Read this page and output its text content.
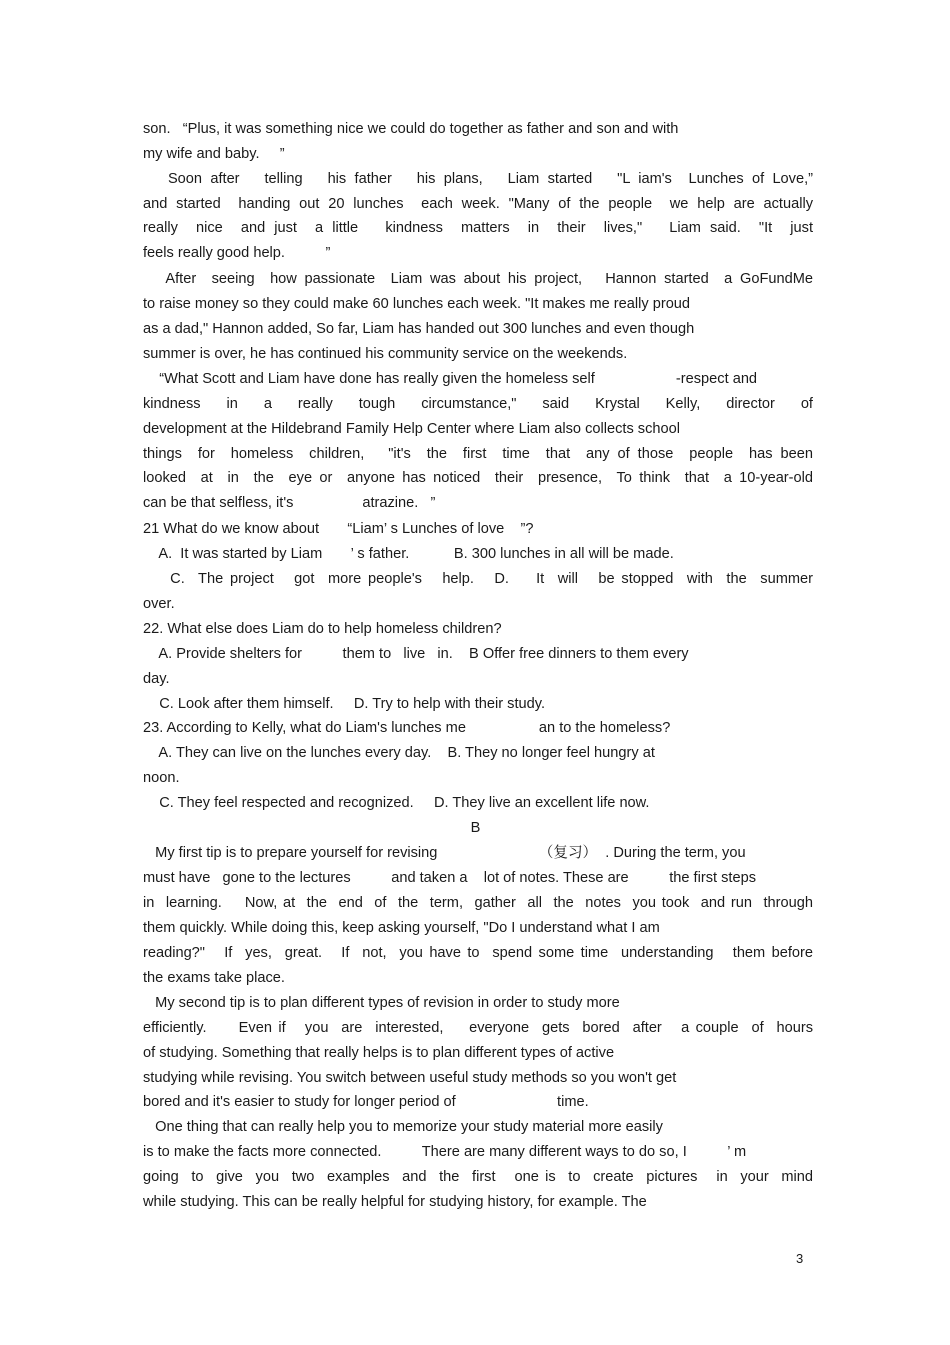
son.   “Plus, it was something nice we could do together as father and son and with
my wife and baby.     ”
Soon after   telling   his father   his plans,   Liam started   "L iam's  Lunches of Love,”
and started  handing out 20 lunches  each week. "Many of the people  we help are actually
really  nice  and just  a little   kindness  matters  in  their  lives,"   Liam said.  "It  just
feels really good help.          ”
After  seeing  how passionate  Liam was about his project,   Hannon started  a GoFundMe
to raise money so they could make 60 lunches each week. "It makes me really proud
as a dad," Hannon added, So far, Liam has handed out 300 lunches and even though
summer is over, he has continued his community service on the weekends.
“What Scott and Liam have done has really given the homeless self                    -respect and
kindness  in  a  really  tough  circumstance,"  said  Krystal  Kelly,  director  of
development at the Hildebrand Family Help Center where Liam also collects school
things  for  homeless  children,   "it's  the  first  time  that  any of those  people  has been
looked  at  in  the  eye or  anyone has noticed  their  presence,  To think  that  a 10-year-old
can be that selfless, it's                 atrazine.   ”
21 What do we know about       “Liam’ s Lunches of love    ”?
A.  It was started by Liam       ’ s father.           B. 300 lunches in all will be made.
C.  The project   got  more people's   help.   D.    It  will   be stopped  with  the  summer
over.
22. What else does Liam do to help homeless children?
A. Provide shelters for          them to   live   in.    B Offer free dinners to them every
day.
C. Look after them himself.     D. Try to help with their study.
23. According to Kelly, what do Liam's lunches me                  an to the homeless?
A. They can live on the lunches every day.    B. They no longer feel hungry at
noon.
C. They feel respected and recognized.     D. They live an excellent life now.
B
My first tip is to prepare yourself for revising                         （复习）  . During the term, you
must have   gone to the lectures          and taken a    lot of notes. These are          the first steps
in  learning.    Now, at  the  end  of  the  term,  gather  all  the  notes  you took  and run  through
them quickly. While doing this, keep asking yourself, "Do I understand what I am
reading?"   If  yes,  great.   If  not,  you have to  spend some time  understanding   them before
the exams take place.
My second tip is to plan different types of revision in order to study more
efficiently.     Even if   you  are  interested,    everyone  gets  bored  after   a couple  of  hours
of studying. Something that really helps is to plan different types of active
studying while revising. You switch between useful study methods so you won't get
bored and it's easier to study for longer period of                         time.
One thing that can really help you to memorize your study material more easily
is to make the facts more connected.          There are many different ways to do so, I          ’ m
going  to  give  you  two  examples  and  the  first   one is  to  create  pictures   in  your  mind
while studying. This can be really helpful for studying history, for example. The
3
